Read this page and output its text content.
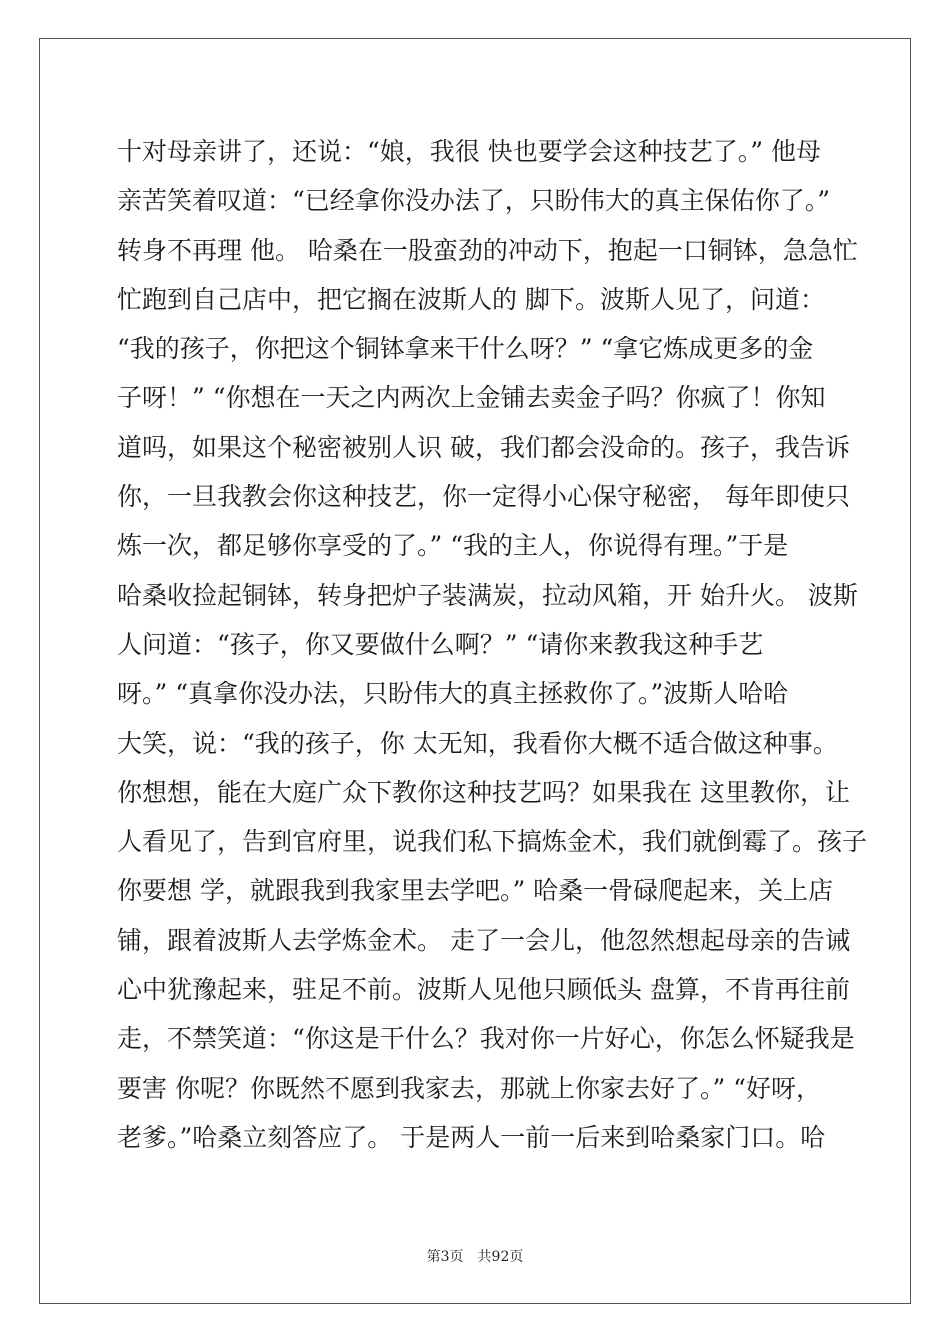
十对母亲讲了，还说：“娘，我很 快也要学会这种技艺了。” 他母
亲苦笑着叹道：“已经拿你没办法了，只盼伟大的真主保佑你了。”
转身不再理 他。 哈桑在一股蛮劲的冲动下，抱起一口铜钵，急急忙
忙跑到自己店中，把它搁在波斯人的 脚下。波斯人见了，问道：
“我的孩子，你把这个铜钵拿来干什么呀？” “拿它炼成更多的金
子呀！” “你想在一天之内两次上金铺去卖金子吗？你疯了！你知
道吗，如果这个秘密被别人识 破，我们都会没命的。孩子，我告诉
你，一旦我教会你这种技艺，你一定得小心保守秘密， 每年即使只
炼一次，都足够你享受的了。” “我的主人，你说得有理。”于是
哈桑收捡起铜钵，转身把炉子装满炭，拉动风箱，开 始升火。 波斯
人问道：“孩子，你又要做什么啊？” “请你来教我这种手艺
呀。” “真拿你没办法，只盼伟大的真主拯救你了。”波斯人哈哈
大笑，说：“我的孩子，你 太无知，我看你大概不适合做这种事。
你想想，能在大庭广众下教你这种技艺吗？如果我在 这里教你，让
人看见了，告到官府里，说我们私下搞炼金术，我们就倒霉了。孩子
你要想 学，就跟我到我家里去学吧。” 哈桑一骨碌爬起来，关上店
铺，跟着波斯人去学炼金术。 走了一会儿，他忽然想起母亲的告诫
心中犹豫起来，驻足不前。波斯人见他只顾低头 盘算，不肯再往前
走，不禁笑道：“你这是干什么？我对你一片好心，你怎么怀疑我是
要害 你呢？你既然不愿到我家去，那就上你家去好了。” “好呀，
老爹。”哈桑立刻答应了。 于是两人一前一后来到哈桑家门口。哈
第3页 共92页
